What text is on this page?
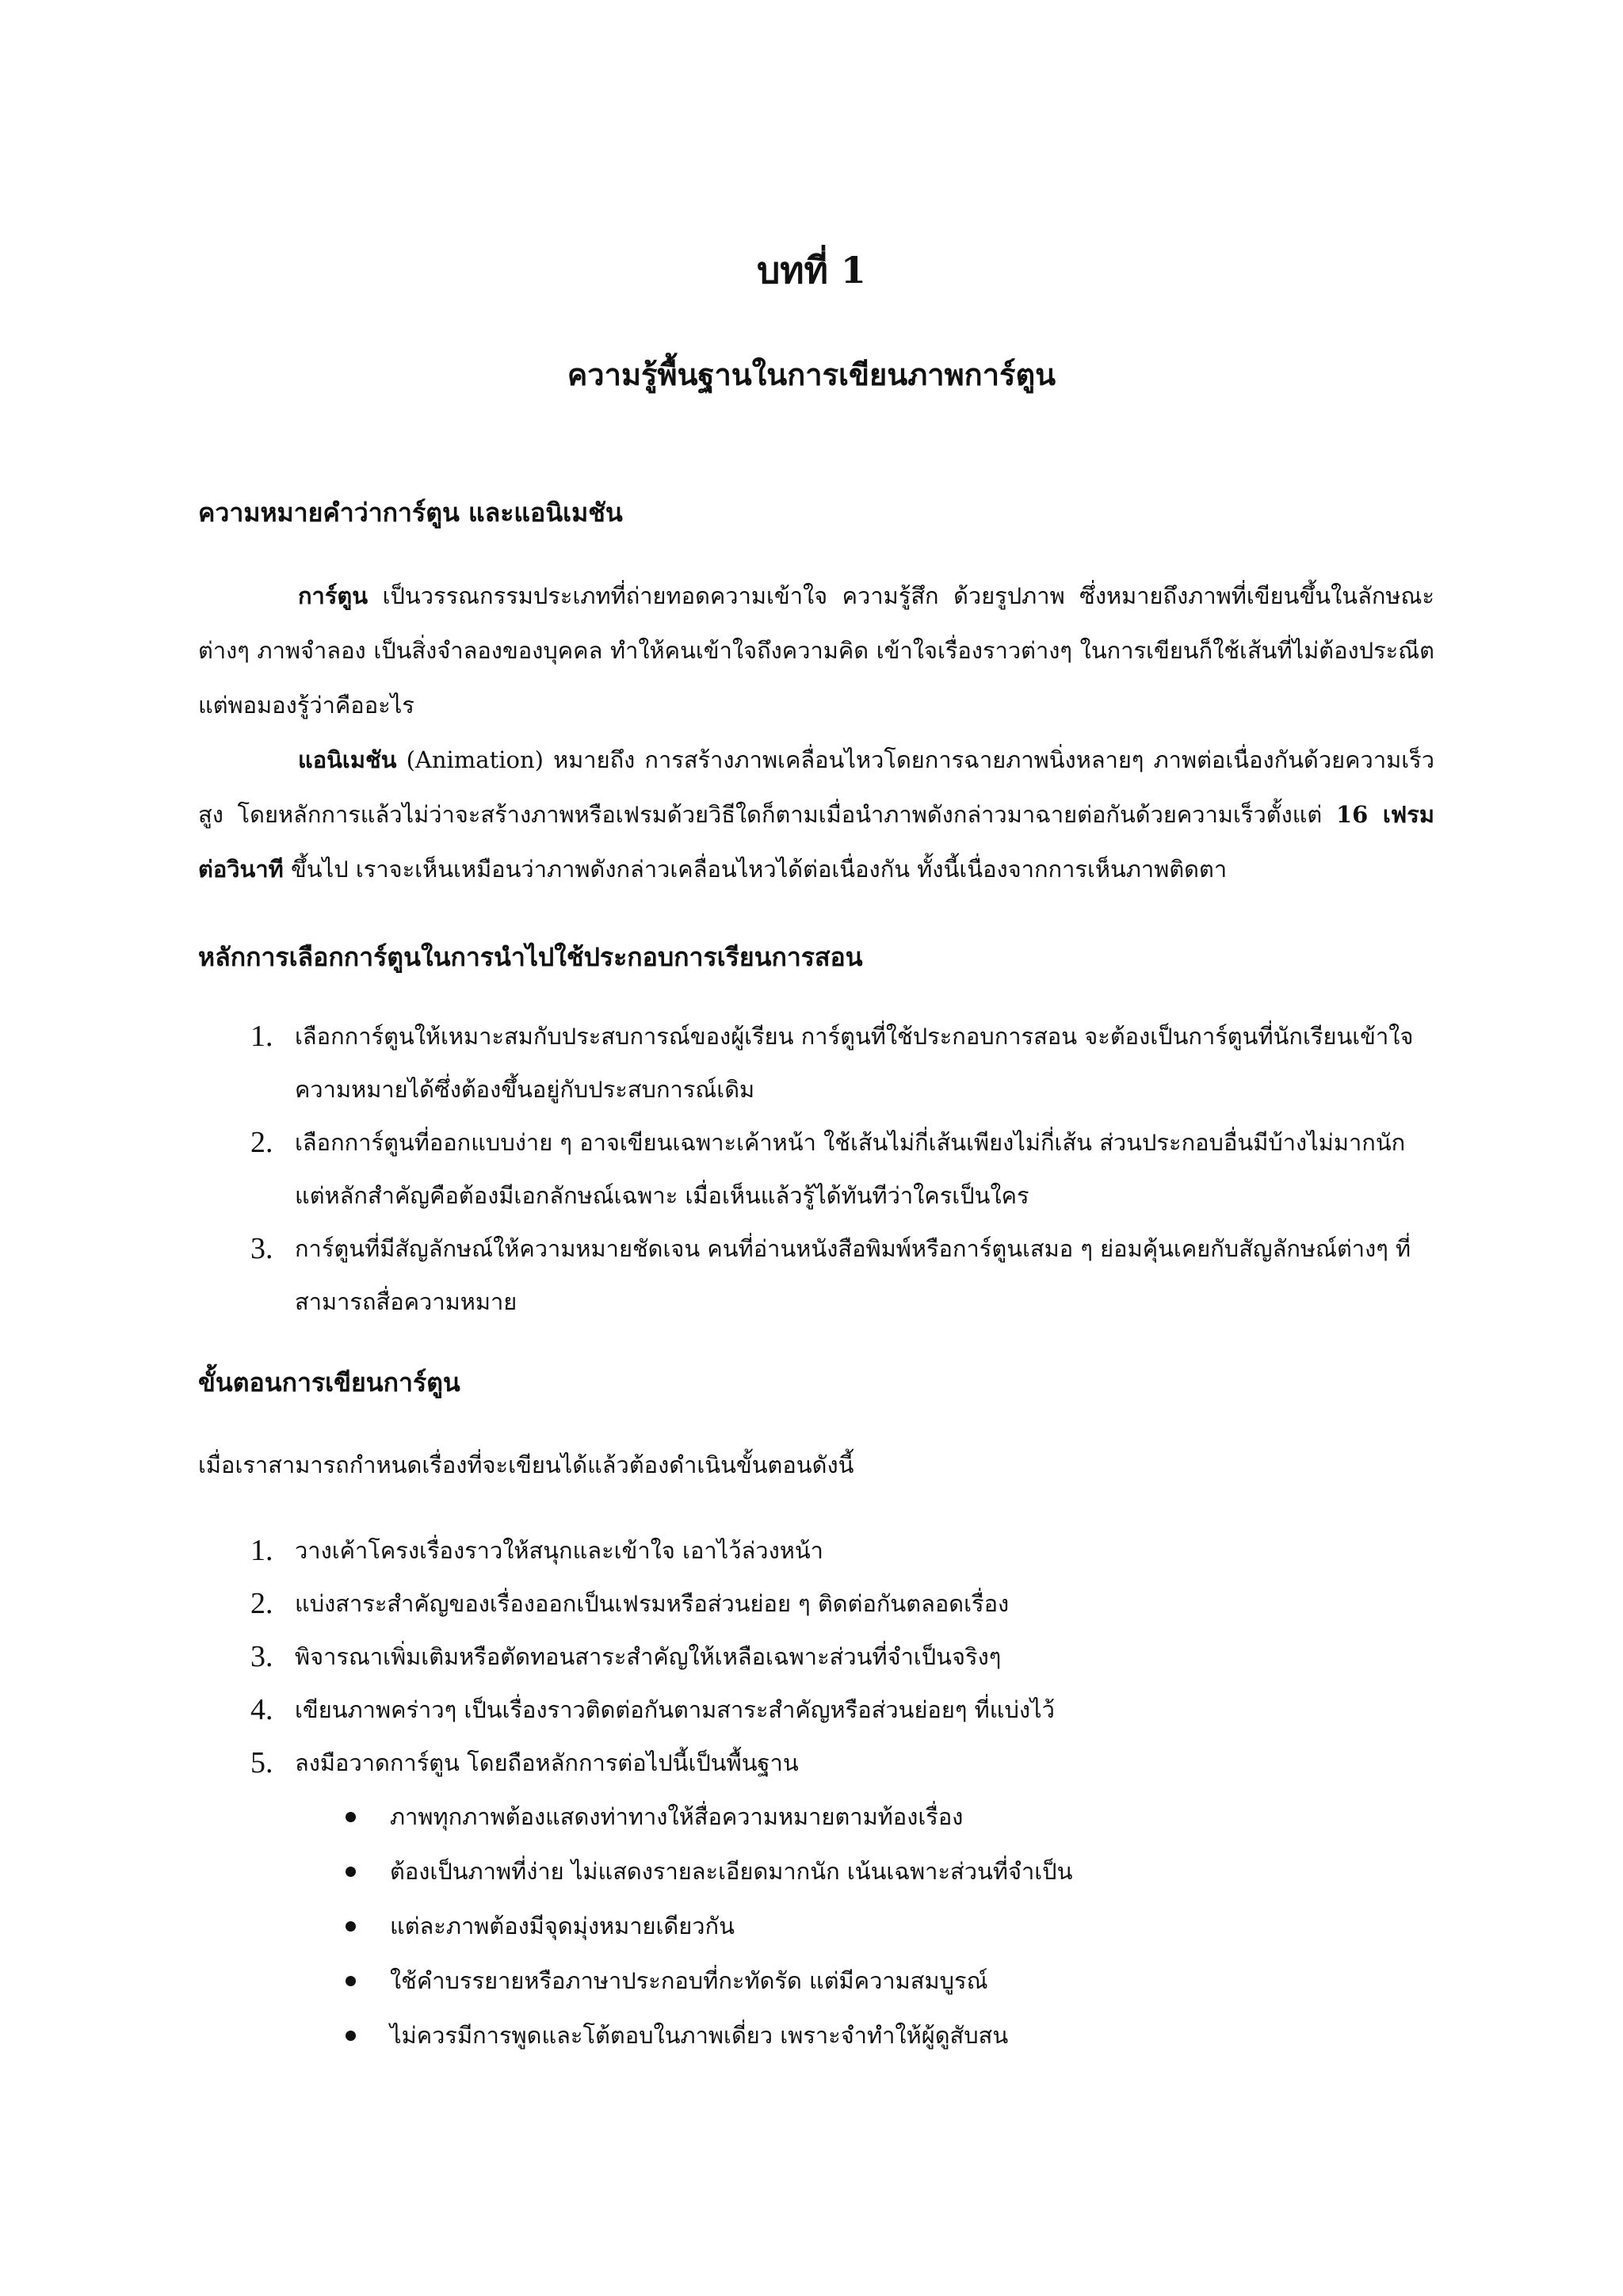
บทที่ 1
ความรู้พื้นฐานในการเขียนภาพการ์ตูน
ความหมายคำว่าการ์ตูน และแอนิเมชัน

การ์ตูน เป็นวรรณกรรมประเภทที่ถ่ายทอดความเข้าใจ ความรู้สึก ด้วยรูปภาพ ซึ่งหมายถึงภาพที่เขียนขึ้นในลักษณะต่างๆ ภาพจำลอง เป็นสิ่งจำลองของบุคคล ทำให้คนเข้าใจถึงความคิด เข้าใจเรื่องราวต่างๆ ในการเขียนก็ใช้เส้นที่ไม่ต้องประณีต แต่พอมองรู้ว่าคืออะไร

แอนิเมชัน (Animation) หมายถึง การสร้างภาพเคลื่อนไหวโดยการฉายภาพนิ่งหลายๆ ภาพต่อเนื่องกันด้วยความเร็วสูง โดยหลักการแล้วไม่ว่าจะสร้างภาพหรือเฟรมด้วยวิธีใดก็ตามเมื่อนำภาพดังกล่าวมาฉายต่อกันด้วยความเร็วตั้งแต่ 16 เฟรมต่อวินาที ขึ้นไป เราจะเห็นเหมือนว่าภาพดังกล่าวเคลื่อนไหวได้ต่อเนื่องกัน ทั้งนี้เนื่องจากการเห็นภาพติดตา

หลักการเลือกการ์ตูนในการนำไปใช้ประกอบการเรียนการสอน
1. เลือกการ์ตูนให้เหมาะสมกับประสบการณ์ของผู้เรียน การ์ตูนที่ใช้ประกอบการสอน จะต้องเป็นการ์ตูนที่นักเรียนเข้าใจ ความหมายได้ซึ่งต้องขึ้นอยู่กับประสบการณ์เดิม
2. เลือกการ์ตูนที่ออกแบบง่าย ๆ อาจเขียนเฉพาะเค้าหน้า ใช้เส้นไม่กี่เส้นเพียงไม่กี่เส้น ส่วนประกอบอื่นมีบ้างไม่มากนัก แต่หลักสำคัญคือต้องมีเอกลักษณ์เฉพาะ เมื่อเห็นแล้วรู้ได้ทันทีว่าใครเป็นใคร
3. การ์ตูนที่มีสัญลักษณ์ให้ความหมายชัดเจน คนที่อ่านหนังสือพิมพ์หรือการ์ตูนเสมอ ๆ ย่อมคุ้นเคยกับสัญลักษณ์ต่างๆ ที่สามารถสื่อความหมาย
ขั้นตอนการเขียนการ์ตูน

เมื่อเราสามารถกำหนดเรื่องที่จะเขียนได้แล้วต้องดำเนินขั้นตอนดังนี้

1. วางเค้าโครงเรื่องราวให้สนุกและเข้าใจ เอาไว้ล่วงหน้า
2. แบ่งสาระสำคัญของเรื่องออกเป็นเฟรมหรือส่วนย่อย ๆ ติดต่อกันตลอดเรื่อง
3. พิจารณาเพิ่มเติมหรือตัดทอนสาระสำคัญให้เหลือเฉพาะส่วนที่จำเป็นจริงๆ
4. เขียนภาพคร่าวๆ เป็นเรื่องราวติดต่อกันตามสาระสำคัญหรือส่วนย่อยๆ ที่แบ่งไว้
5. ลงมือวาดการ์ตูน โดยถือหลักการต่อไปนี้เป็นพื้นฐาน
ภาพทุกภาพต้องแสดงท่าทางให้สื่อความหมายตามท้องเรื่อง
ต้องเป็นภาพที่ง่าย ไม่แสดงรายละเอียดมากนัก เน้นเฉพาะส่วนที่จำเป็น
แต่ละภาพต้องมีจุดมุ่งหมายเดียวกัน
ใช้คำบรรยายหรือภาษาประกอบที่กะทัดรัด แต่มีความสมบูรณ์
ไม่ควรมีการพูดและโต้ตอบในภาพเดี่ยว เพราะจำทำให้ผู้ดูสับสน
